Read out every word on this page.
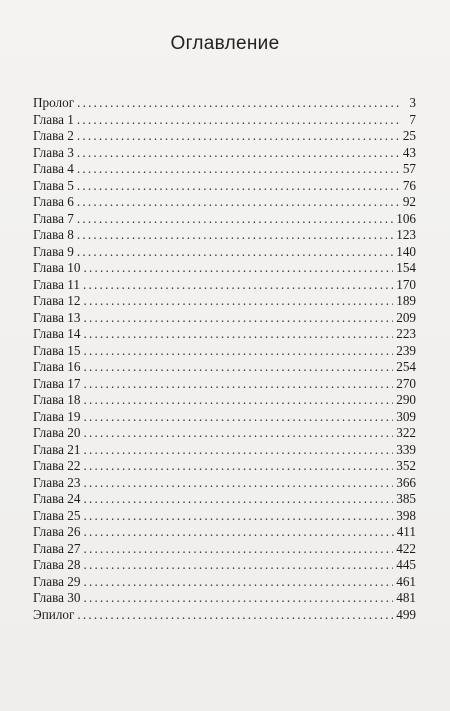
Оглавление
Пролог .....	3
Глава 1 .....	7
Глава 2 .....	25
Глава 3 .....	43
Глава 4 .....	57
Глава 5 .....	76
Глава 6 .....	92
Глава 7 .....	106
Глава 8 .....	123
Глава 9 .....	140
Глава 10 .....	154
Глава 11 .....	170
Глава 12 .....	189
Глава 13 .....	209
Глава 14 .....	223
Глава 15 .....	239
Глава 16 .....	254
Глава 17 .....	270
Глава 18 .....	290
Глава 19 .....	309
Глава 20 .....	322
Глава 21 .....	339
Глава 22 .....	352
Глава 23 .....	366
Глава 24 .....	385
Глава 25 .....	398
Глава 26 .....	411
Глава 27 .....	422
Глава 28 .....	445
Глава 29 .....	461
Глава 30 .....	481
Эпилог .....	499
